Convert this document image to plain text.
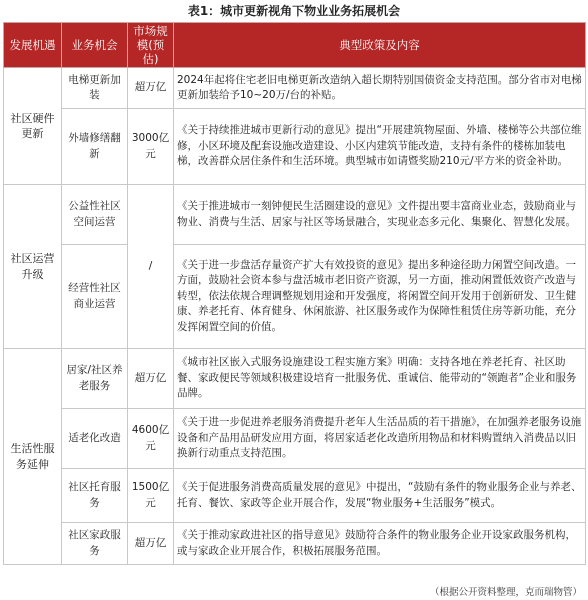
表1：城市更新视角下物业业务拓展机会
发展机遇	业务机会	市场规模(预估)	典型政策及内容
社区硬件更新	电梯更新加装	超万亿	2024年起将住宅老旧电梯更新改造纳入超长期特别国债资金支持范围。部分省市对电梯更新加装给予10~20万/台的补贴。
	外墙修缮翻新	3000亿元	《关于持续推进城市更新行动的意见》提出“开展建筑物屋面、外墙、楼梯等公共部位维修，小区环境及配套设施改造建设、小区内建筑节能改造，支持有条件的楼栋加装电梯，改善群众居住条件和生活环境。典型城市如请暨奖励210元/平方米的资金补助。
社区运营升级	公益性社区空间运营	/	《关于推进城市一刻钟便民生活圈建设的意见》文件提出要丰富商业业态，鼓励商业与物业、消费与生活、居家与社区等场景融合，实现业态多元化、集聚化、智慧化发展。
	经营性社区商业运营		《关于进一步盘活存量资产扩大有效投资的意见》提出多种途径助力闲置空间改造。一方面，鼓励社会资本参与盘活城市老旧资产资源，另一方面，推动闲置低效资产改造与转型，依法依规合理调整规划用途和开发强度，将闲置空间开发用于创新研发、卫生健康、养老托育、体育健身、休闲旅游、社区服务或作为保障性租赁住房等新功能，充分发挥闲置空间的价值。
生活性服务延伸	居家/社区养老服务	超万亿	《城市社区嵌入式服务设施建设工程实施方案》明确：支持各地在养老托育、社区助餐、家政便民等领域积极建设培育一批服务优、重诚信、能带动的“领跑者”企业和服务品牌。
	适老化改造	4600亿元	《关于进一步促进养老服务消费提升老年人生活品质的若干措施》，在加强养老服务设施设备和产品用品研发应用方面，将居家适老化改造所用物品和材料购置纳入消费品以旧换新行动重点支持范围。
	社区托育服务	1500亿元	《关于促进服务消费高质量发展的意见》中提出，“鼓励有条件的物业服务企业与养老、托育、餐饮、家政等企业开展合作，发展“物业服务+生活服务”模式。
	社区家政服务	超万亿	《关于推动家政进社区的指导意见》鼓励符合条件的物业服务企业开设家政服务机构，或与家政企业开展合作，积极拓展服务范围。
（根据公开资料整理，克而瑞物管）
